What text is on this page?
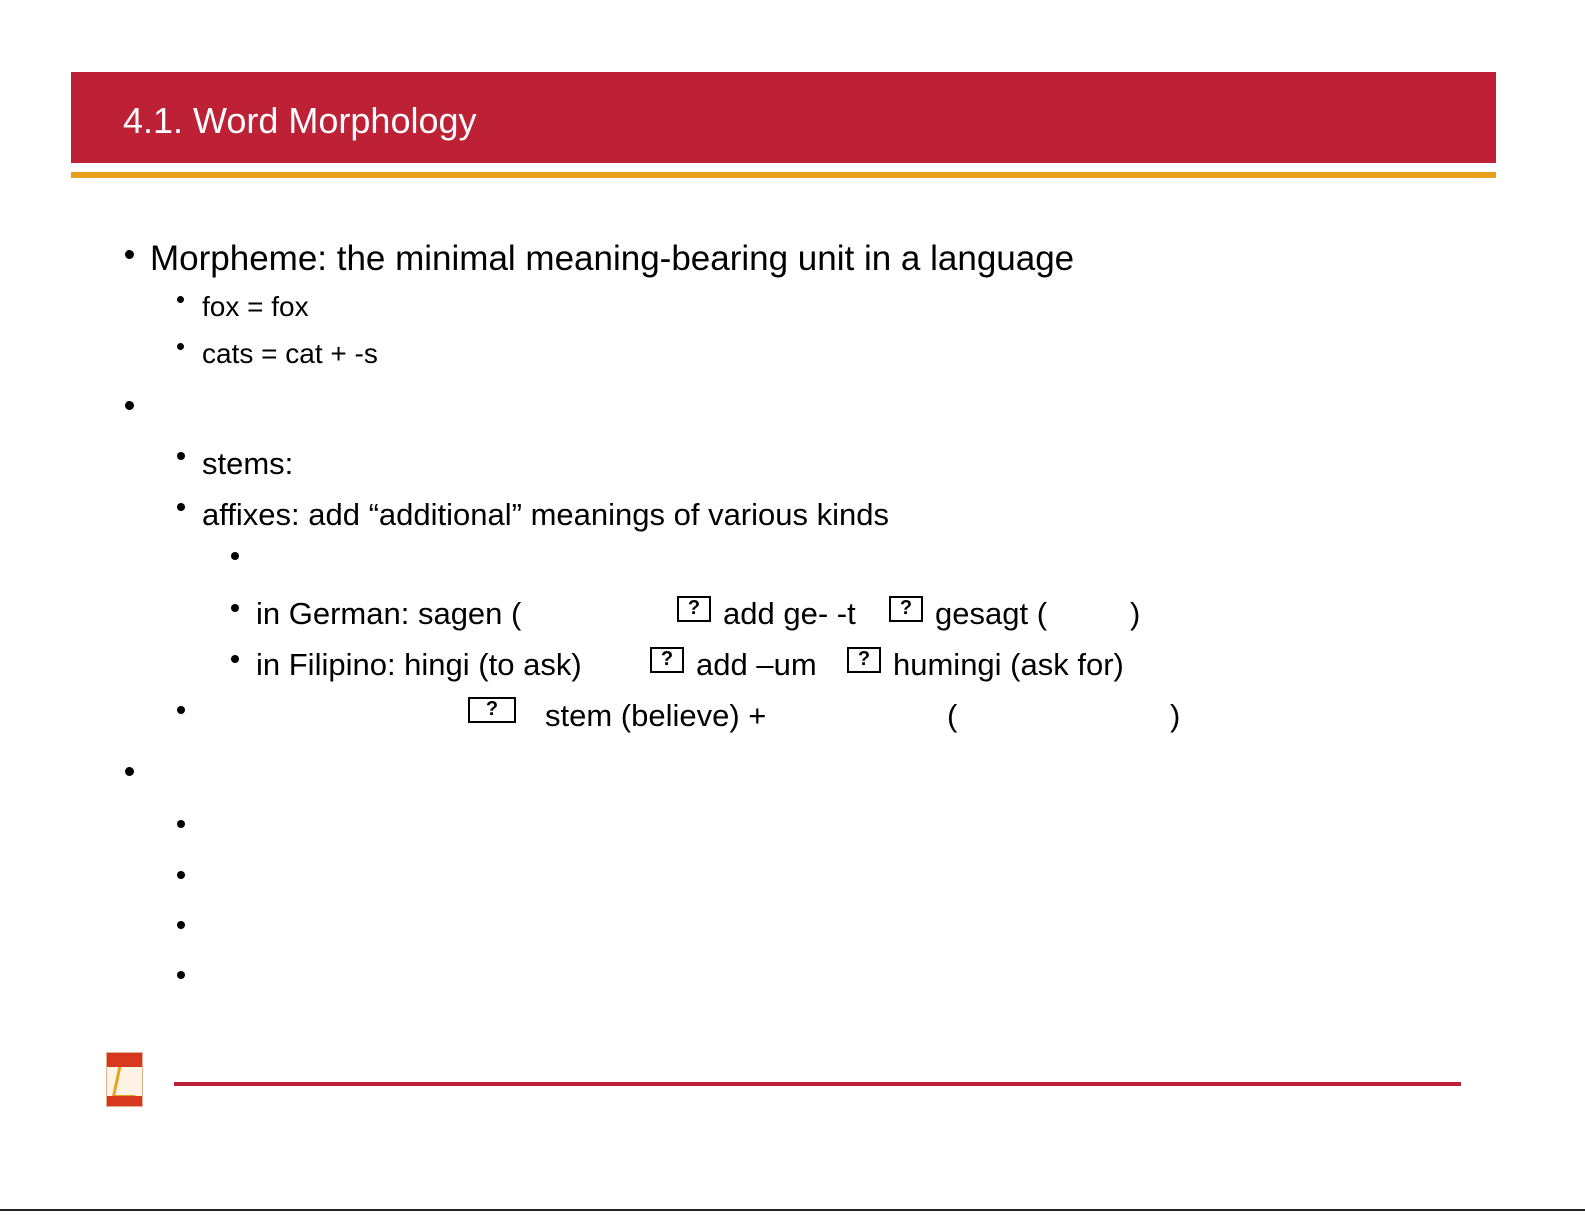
4.1. Word Morphology
Morpheme: the minimal meaning-bearing unit in a language
fox = fox
cats = cat + -s
stems:
affixes: add “additional” meanings of various kinds
in German: sagen (	? add ge- -t	? gesagt (	)
in Filipino: hingi (to ask)	? add –um	? humingi (ask for)
?	stem (believe) +	(	)
